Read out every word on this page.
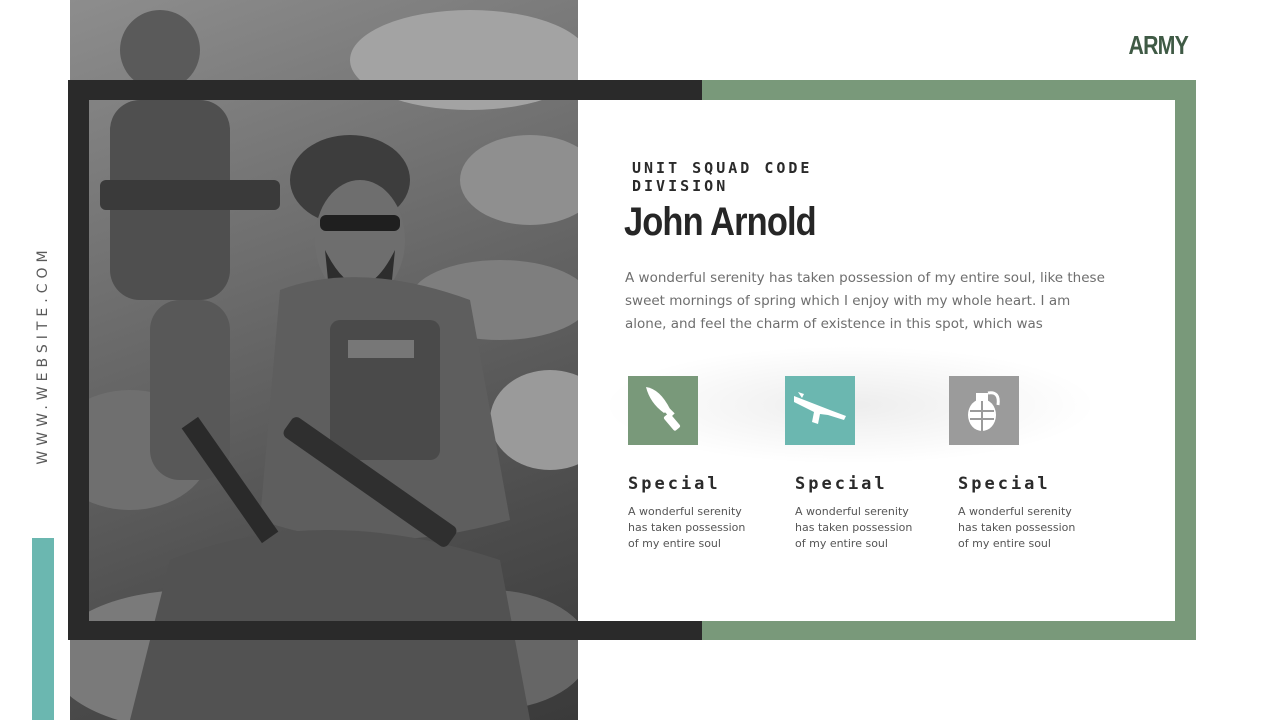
WWW.WEBSITE.COM
ARMY
UNIT SQUAD CODE DIVISION
John Arnold
A wonderful serenity has taken possession of my entire soul, like these sweet mornings of spring which I enjoy with my whole heart. I am alone, and feel the charm of existence in this spot, which was
Special
A wonderful serenity has taken possession of my entire soul
Special
A wonderful serenity has taken possession of my entire soul
Special
A wonderful serenity has taken possession of my entire soul
